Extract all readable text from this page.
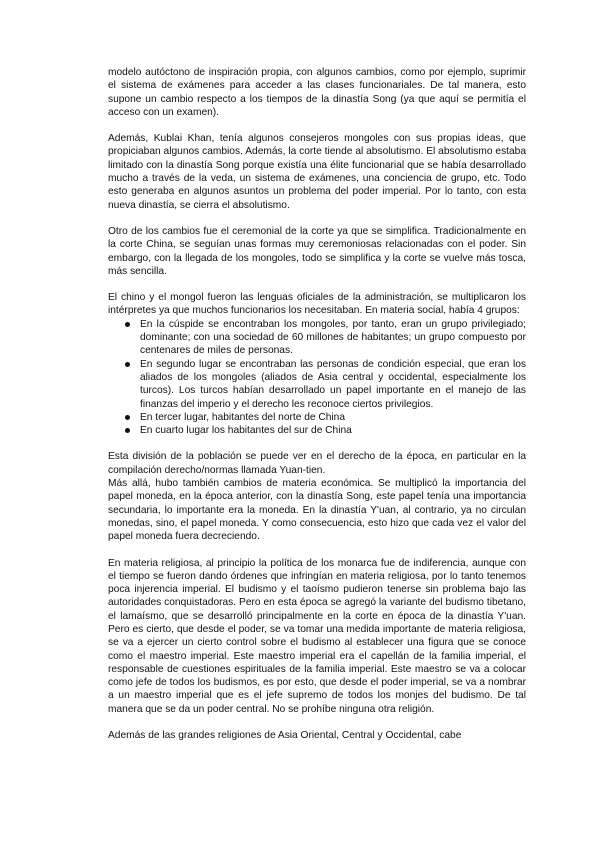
modelo autóctono de inspiración propia, con algunos cambios, como por ejemplo, suprimir el sistema de exámenes para acceder a las clases funcionariales. De tal manera, esto supone un cambio respecto a los tiempos de la dinastía Song (ya que aquí se permitía el acceso con un examen).

Además, Kublai Khan, tenía algunos consejeros mongoles con sus propias ideas, que propiciaban algunos cambios. Además, la corte tiende al absolutismo. El absolutismo estaba limitado con la dinastía Song porque existía una élite funcionarial que se había desarrollado mucho a través de la veda, un sistema de exámenes, una conciencia de grupo, etc. Todo esto generaba en algunos asuntos un problema del poder imperial. Por lo tanto, con esta nueva dinastía, se cierra el absolutismo.

Otro de los cambios fue el ceremonial de la corte ya que se simplifica. Tradicionalmente en la corte China, se seguían unas formas muy ceremoniosas relacionadas con el poder. Sin embargo, con la llegada de los mongoles, todo se simplifica y la corte se vuelve más tosca, más sencilla.

El chino y el mongol fueron las lenguas oficiales de la administración, se multiplicaron los intérpretes ya que muchos funcionarios los necesitaban. En materia social, había 4 grupos:

En la cúspide se encontraban los mongoles, por tanto, eran un grupo privilegiado; dominante; con una sociedad de 60 millones de habitantes; un grupo compuesto por centenares de miles de personas.
En segundo lugar se encontraban las personas de condición especial, que eran los aliados de los mongoles (aliados de Asia central y occidental, especialmente los turcos). Los turcos habían desarrollado un papel importante en el manejo de las finanzas del imperio y el derecho les reconoce ciertos privilegios.
En tercer lugar, habitantes del norte de China
En cuarto lugar los habitantes del sur de China

Esta división de la población se puede ver en el derecho de la época, en particular en la compilación derecho/normas llamada Yuan-tien.

Más allá, hubo también cambios de materia económica. Se multiplicó la importancia del papel moneda, en la época anterior, con la dinastía Song, este papel tenía una importancia secundaria, lo importante era la moneda. En la dinastía Y'uan, al contrario, ya no circulan monedas, sino, el papel moneda. Y como consecuencia, esto hizo que cada vez el valor del papel moneda fuera decreciendo.

En materia religiosa, al principio la política de los monarca fue de indiferencia, aunque con el tiempo se fueron dando órdenes que infringían en materia religiosa, por lo tanto tenemos poca injerencia imperial. El budismo y el taoísmo pudieron tenerse sin problema bajo las autoridades conquistadoras. Pero en esta época se agregó la variante del budismo tibetano, el lamaísmo, que se desarrolló principalmente en la corte en época de la dinastía Y'uan. Pero es cierto, que desde el poder, se va tomar una medida importante de materia religiosa, se va a ejercer un cierto control sobre el budismo al establecer una figura que se conoce como el maestro imperial. Este maestro imperial era el capellán de la familia imperial, el responsable de cuestiones espirituales de la familia imperial. Este maestro se va a colocar como jefe de todos los budismos, es por esto, que desde el poder imperial, se va a nombrar a un maestro imperial que es el jefe supremo de todos los monjes del budismo. De tal manera que se da un poder central. No se prohíbe ninguna otra religión.

Además de las grandes religiones de Asia Oriental, Central y Occidental, cabe
